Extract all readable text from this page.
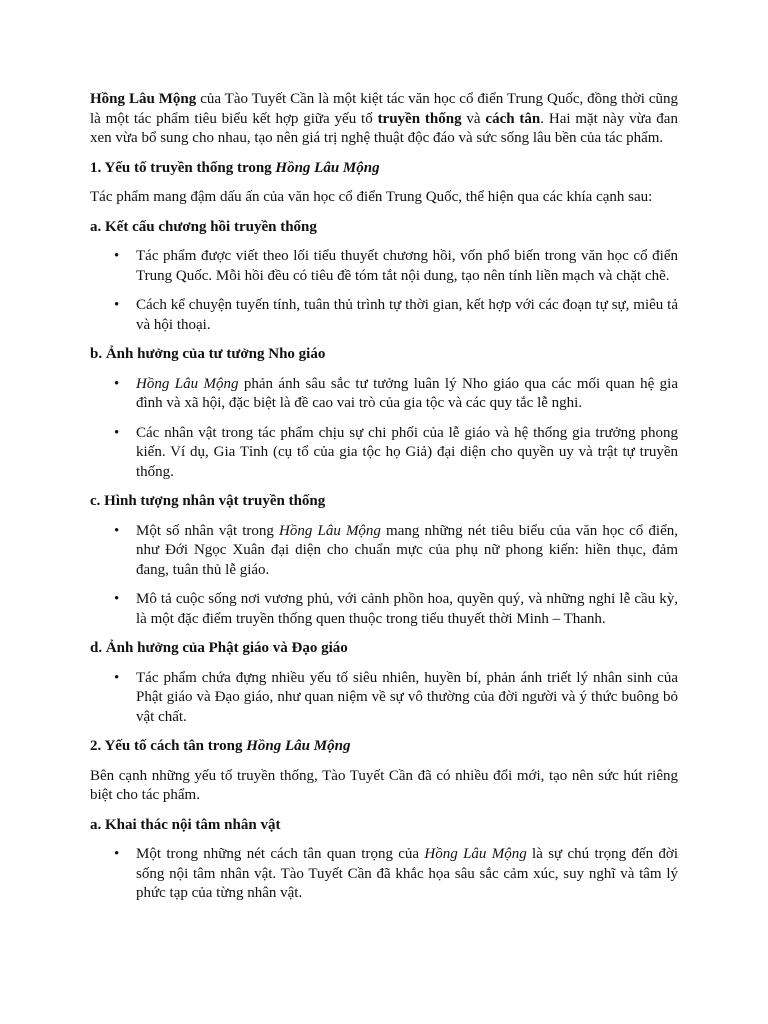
Hồng Lâu Mộng của Tào Tuyết Cần là một kiệt tác văn học cổ điển Trung Quốc, đồng thời cũng là một tác phẩm tiêu biểu kết hợp giữa yếu tố truyền thống và cách tân. Hai mặt này vừa đan xen vừa bổ sung cho nhau, tạo nên giá trị nghệ thuật độc đáo và sức sống lâu bền của tác phẩm.

1. Yếu tố truyền thống trong Hồng Lâu Mộng

Tác phẩm mang đậm dấu ấn của văn học cổ điển Trung Quốc, thể hiện qua các khía cạnh sau:

a. Kết cấu chương hồi truyền thống

• Tác phẩm được viết theo lối tiểu thuyết chương hồi, vốn phổ biến trong văn học cổ điển Trung Quốc. Mỗi hồi đều có tiêu đề tóm tắt nội dung, tạo nên tính liền mạch và chặt chẽ.
• Cách kể chuyện tuyến tính, tuân thủ trình tự thời gian, kết hợp với các đoạn tự sự, miêu tả và hội thoại.

b. Ảnh hưởng của tư tưởng Nho giáo

• Hồng Lâu Mộng phản ánh sâu sắc tư tưởng luân lý Nho giáo qua các mối quan hệ gia đình và xã hội, đặc biệt là đề cao vai trò của gia tộc và các quy tắc lễ nghi.
• Các nhân vật trong tác phẩm chịu sự chi phối của lễ giáo và hệ thống gia trưởng phong kiến. Ví dụ, Gia Tỉnh (cụ tổ của gia tộc họ Giả) đại diện cho quyền uy và trật tự truyền thống.

c. Hình tượng nhân vật truyền thống

• Một số nhân vật trong Hồng Lâu Mộng mang những nét tiêu biểu của văn học cổ điển, như Đới Ngọc Xuân đại diện cho chuẩn mực của phụ nữ phong kiến: hiền thục, đảm đang, tuân thủ lễ giáo.
• Mô tả cuộc sống nơi vương phủ, với cảnh phồn hoa, quyền quý, và những nghi lễ cầu kỳ, là một đặc điểm truyền thống quen thuộc trong tiểu thuyết thời Minh – Thanh.

d. Ảnh hưởng của Phật giáo và Đạo giáo

• Tác phẩm chứa đựng nhiều yếu tố siêu nhiên, huyền bí, phản ánh triết lý nhân sinh của Phật giáo và Đạo giáo, như quan niệm về sự vô thường của đời người và ý thức buông bỏ vật chất.

2. Yếu tố cách tân trong Hồng Lâu Mộng

Bên cạnh những yếu tố truyền thống, Tào Tuyết Cần đã có nhiều đổi mới, tạo nên sức hút riêng biệt cho tác phẩm.

a. Khai thác nội tâm nhân vật

• Một trong những nét cách tân quan trọng của Hồng Lâu Mộng là sự chú trọng đến đời sống nội tâm nhân vật. Tào Tuyết Cần đã khắc họa sâu sắc cảm xúc, suy nghĩ và tâm lý phức tạp của từng nhân vật.
